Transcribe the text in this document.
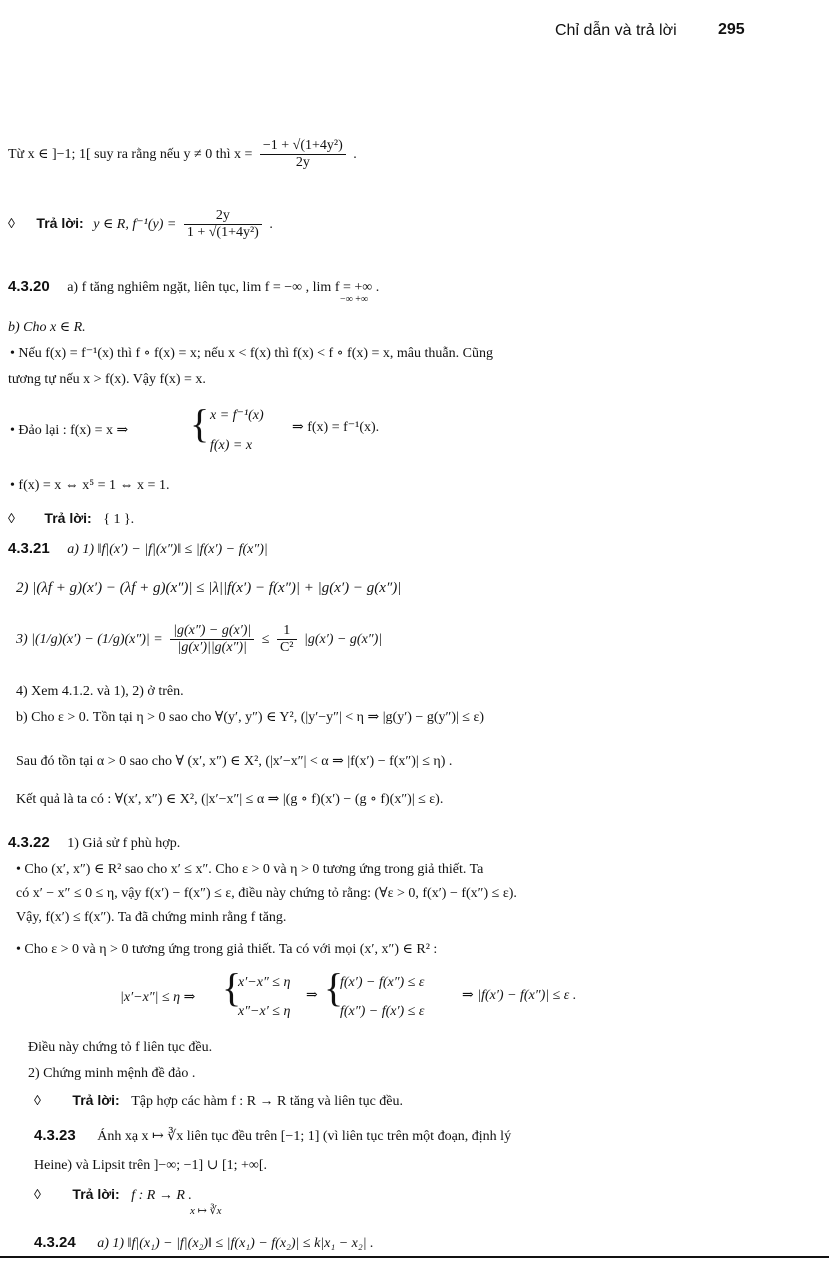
Chỉ dẫn và trả lời	295
Từ x ∈ ]−1; 1[ suy ra rằng nếu y ≠ 0 thì $x = \frac{\text{−1 + √(1+4y²)}}{2y}$ .
◊ Trả lời: y ∈ R, $f^{-1}(y) = \frac{2y}{\text{1 + √(1+4y²)}}$ .
4.3.20 a) f tăng nghiêm ngặt, liên tục, lim f = −∞ , lim f = +∞ .
−∞ +∞
b) Cho x ∈ R.
• Nếu f(x) = f⁻¹(x) thì f ∘ f(x) = x; nếu x < f(x) thì f(x) < f ∘ f(x) = x, mâu thuẫn. Cũng
tương tự nếu x > f(x). Vậy f(x) = x.
• Đảo lại : f(x) = x ⇒ { x = f⁻¹(x)
f(x) = x
⇒ f(x) = f⁻¹(x).
• f(x) = x ⇔ x⁵ = 1 ⇔ x = 1.
◊ Trả lời: { 1 }.
4.3.21 a) 1) ‖f|(x′) − |f|(x″)‖ ≤ |f(x′) − f(x″)|
2) |(λf + g)(x′) − (λf + g)(x″)| ≤ |λ||f(x′) − f(x″)| + |g(x′) − g(x″)|
3) $|(1/g)(x') - (1/g)(x'')| = \frac{|g(x'') - g(x')|}{|g(x')||g(x'')|} \le \frac{1}{\text{C²}} |g(x') - g(x'')|$
4) Xem 4.1.2. và 1), 2) ở trên.
b) Cho ε > 0. Tồn tại η > 0 sao cho ∀(y′, y″) ∈ Y², (|y′−y″| < η ⇒ |g(y′) − g(y″)| ≤ ε)
Sau đó tồn tại α > 0 sao cho ∀ (x′, x″) ∈ X², (|x′−x″| < α ⇒ |f(x′) − f(x″)| ≤ η) .
Kết quả là ta có : ∀(x′, x″) ∈ X², (|x′−x″| ≤ α ⇒ |(g ∘ f)(x′) − (g ∘ f)(x″)| ≤ ε).
4.3.22 1) Giả sử f phù hợp.
• Cho (x′, x″) ∈ R² sao cho x′ ≤ x″. Cho ε > 0 và η > 0 tương ứng trong giả thiết. Ta
có x′ − x″ ≤ 0 ≤ η, vậy f(x′) − f(x″) ≤ ε, điều này chứng tỏ rằng: (∀ε > 0, f(x′) − f(x″) ≤ ε).
Vậy, f(x′) ≤ f(x″). Ta đã chứng minh rằng f tăng.
• Cho ε > 0 và η > 0 tương ứng trong giả thiết. Ta có với mọi (x′, x″) ∈ R² :
|x′−x″| ≤ η ⇒ {
x′−x″ ≤ η
x″−x′ ≤ η
⇒ {
f(x′) − f(x″) ≤ ε
f(x″) − f(x′) ≤ ε
⇒ |f(x′) − f(x″)| ≤ ε .
Điều này chứng tỏ f liên tục đều.
2) Chứng minh mệnh đề đảo .
◊ Trả lời: Tập hợp các hàm f : R → R tăng và liên tục đều.
4.3.23 Ánh xạ x ↦ ∛x liên tục đều trên [−1; 1] (vì liên tục trên một đoạn, định lý
Heine) và Lipsit trên ]−∞; −1] ∪ [1; +∞[.
◊ Trả lời: f : R → R .
x ↦ ∛x
4.3.24 a) 1) ‖f|(x₁) − |f|(x₂)‖ ≤ |f(x₁) − f(x₂)| ≤ k|x₁ − x₂| .
